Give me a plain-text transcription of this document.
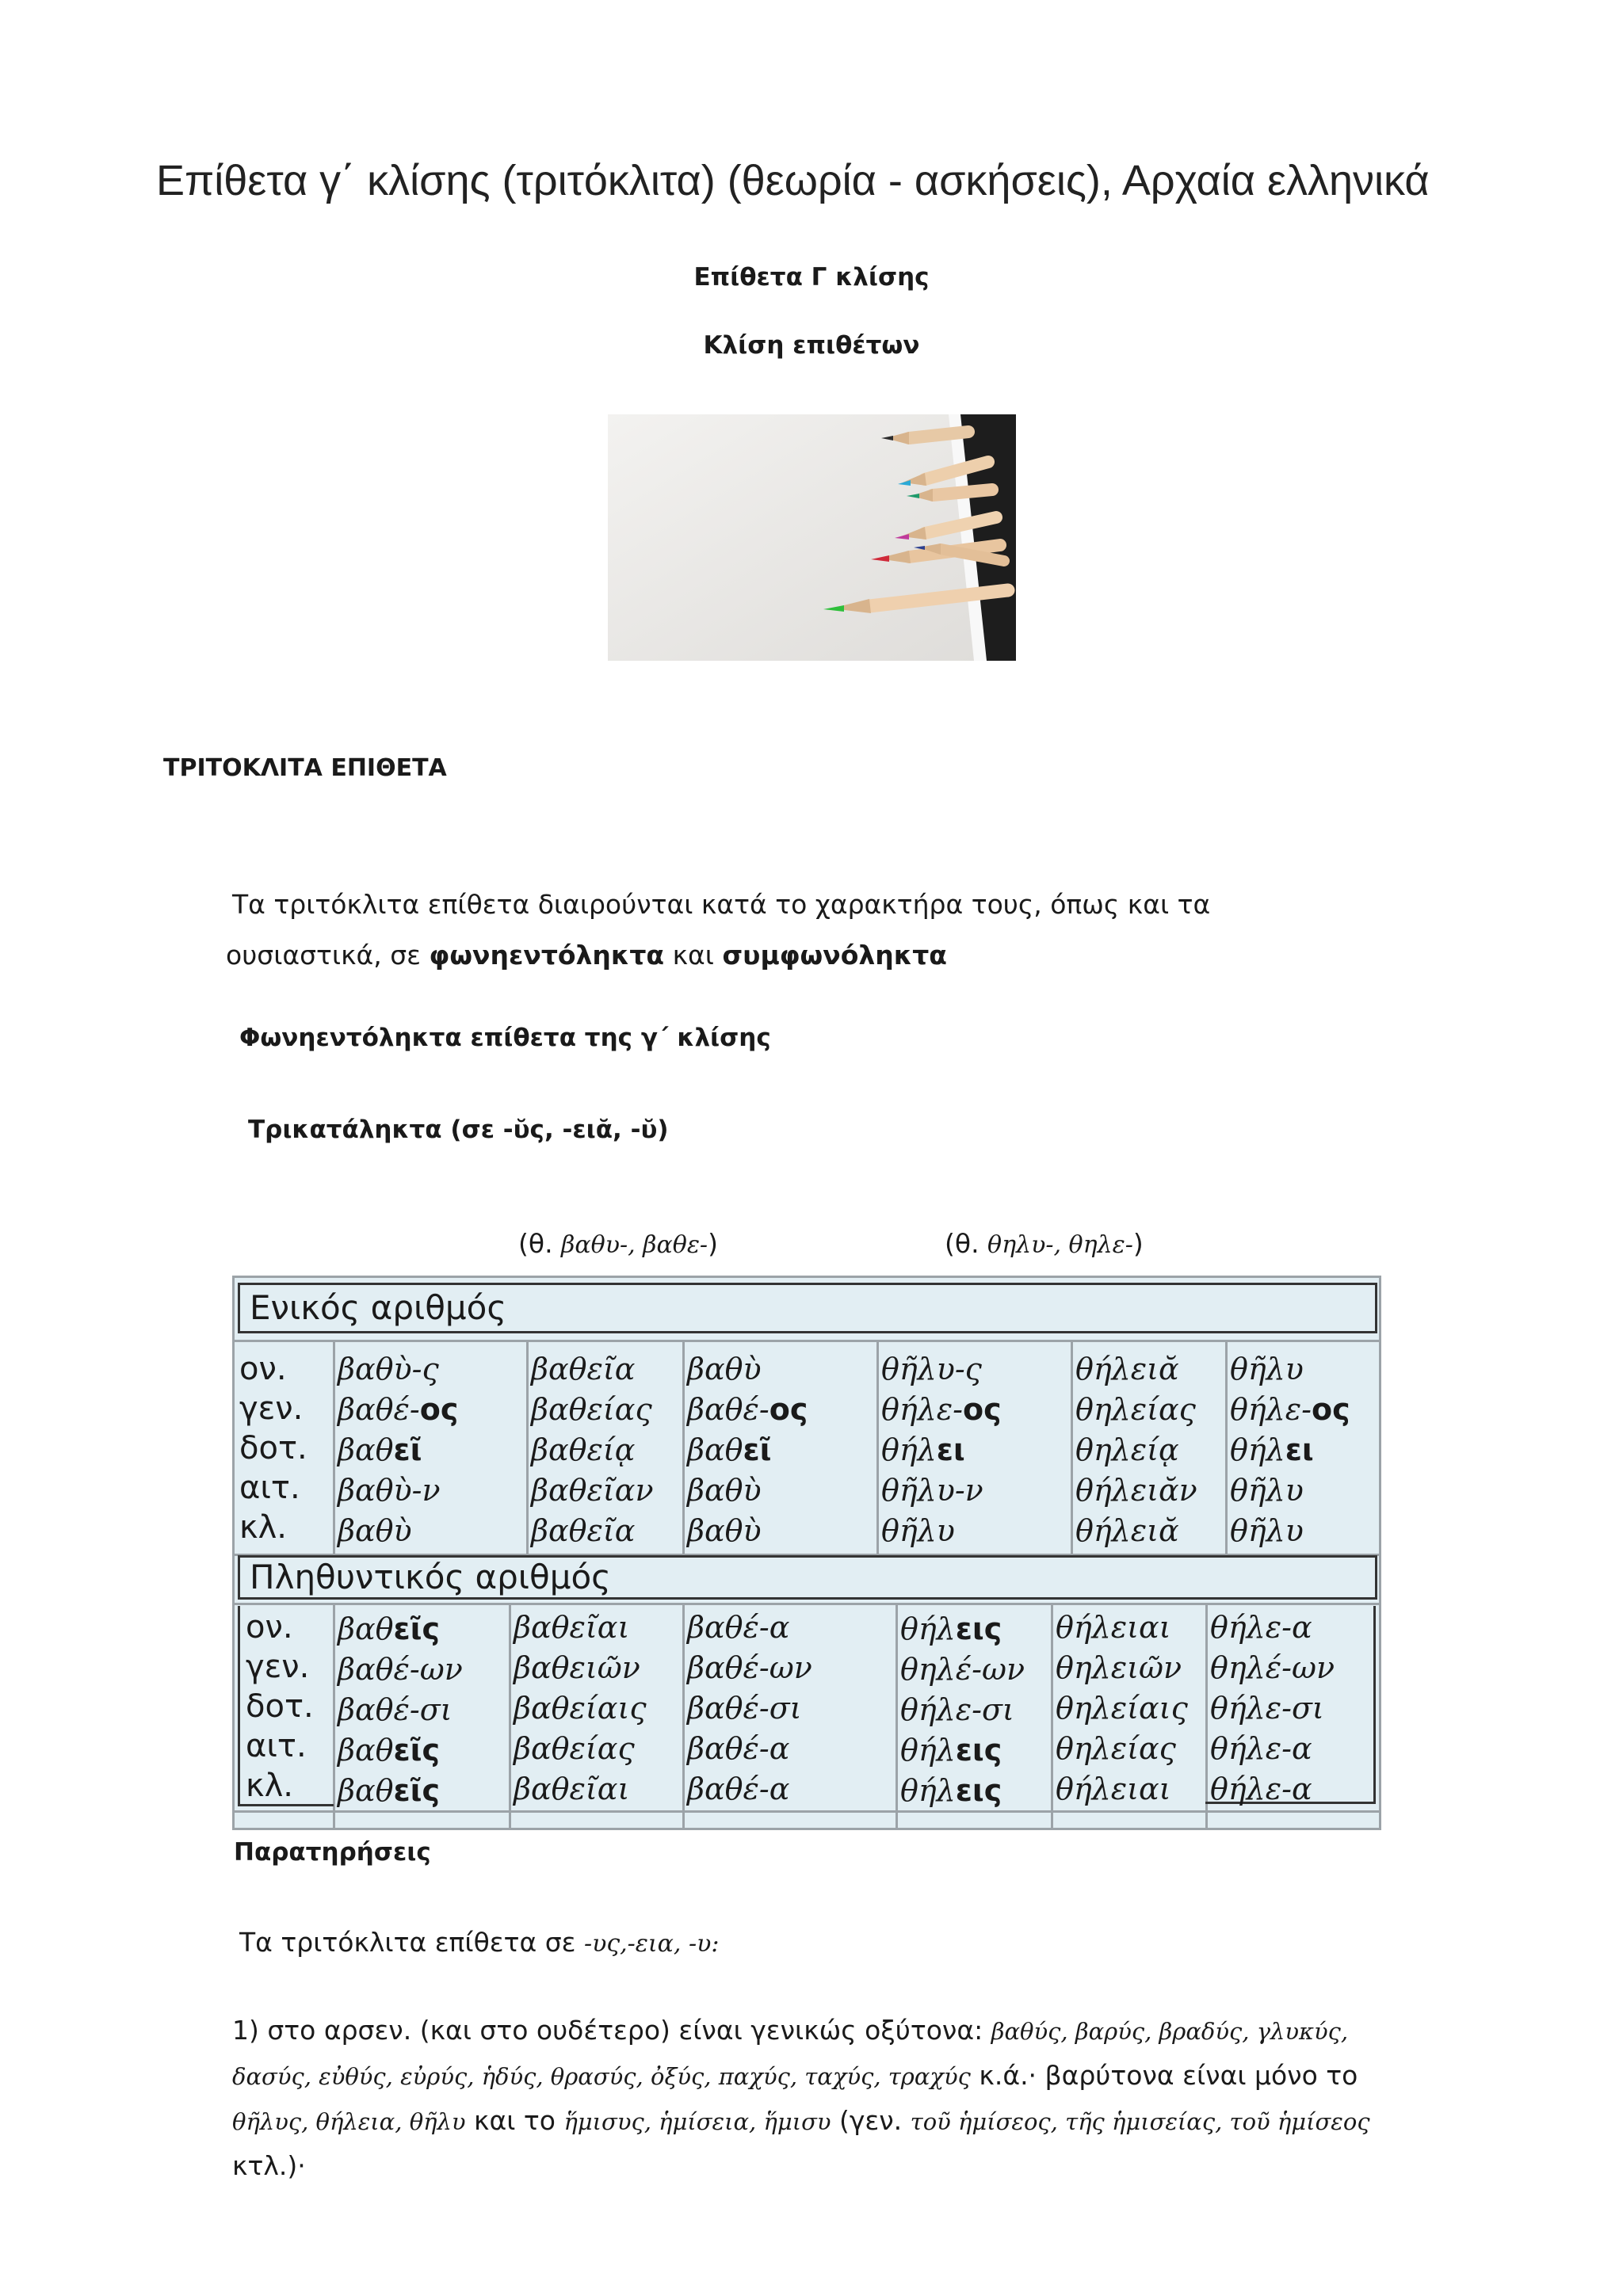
Επίθετα γ΄ κλίσης (τριτόκλιτα) (θεωρία - ασκήσεις), Αρχαία ελληνικά
Επίθετα Γ κλίσης
Κλίση επιθέτων
ΤΡΙΤΟΚΛΙΤΑ ΕΠΙΘΕΤΑ
Τα τριτόκλιτα επίθετα διαιρούνται κατά το χαρακτήρα τους, όπως και τα
ουσιαστικά, σε φωνηεντόληκτα και συμφωνόληκτα
Φωνηεντόληκτα επίθετα της γ΄ κλίσης
Τρικατάληκτα (σε -ῠς, -ειᾰ, -ῠ)
(θ. βαθυ-, βαθε-)	(θ. θηλυ-, θηλε-)
Ενικός αριθμός
ον.
γεν.
δοτ.
αιτ.
κλ.
βαθὺ-ς
βαθέ-ος
βαθεῖ
βαθὺ-ν
βαθὺ
βαθεῖα
βαθείας
βαθείᾳ
βαθεῖαν
βαθεῖα
βαθὺ
βαθέ-ος
βαθεῖ
βαθὺ
βαθὺ
θῆλυ-ς
θήλε-ος
θήλει
θῆλυ-ν
θῆλυ
θήλειᾰ
θηλείας
θηλείᾳ
θήλειᾰν
θήλειᾰ
θῆλυ
θήλε-ος
θήλει
θῆλυ
θῆλυ
Πληθυντικός αριθμός
ον.
γεν.
δοτ.
αιτ.
κλ.
βαθεῖς
βαθέ-ων
βαθέ-σι
βαθεῖς
βαθεῖς
βαθεῖαι
βαθειῶν
βαθείαις
βαθείας
βαθεῖαι
βαθέ-α
βαθέ-ων
βαθέ-σι
βαθέ-α
βαθέ-α
θήλεις
θηλέ-ων
θήλε-σι
θήλεις
θήλεις
θήλειαι
θηλειῶν
θηλείαις
θηλείας
θήλειαι
θήλε-α
θηλέ-ων
θήλε-σι
θήλε-α
θήλε-α
Παρατηρήσεις
Τα τριτόκλιτα επίθετα σε -υς,-εια, -υ:
1) στο αρσεν. (και στο ουδέτερο) είναι γενικώς οξύτονα: βαθύς, βαρύς, βραδύς, γλυκύς, δασύς, εὐθύς, εὐρύς, ἡδύς, θρασύς, ὀξύς, παχύς, ταχύς, τραχύς κ.ά.· βαρύτονα είναι μόνο το θῆλυς, θήλεια, θῆλυ και το ἥμισυς, ἡμίσεια, ἥμισυ (γεν. τοῦ ἡμίσεος, τῆς ἡμισείας, τοῦ ἡμίσεος κτλ.)·
